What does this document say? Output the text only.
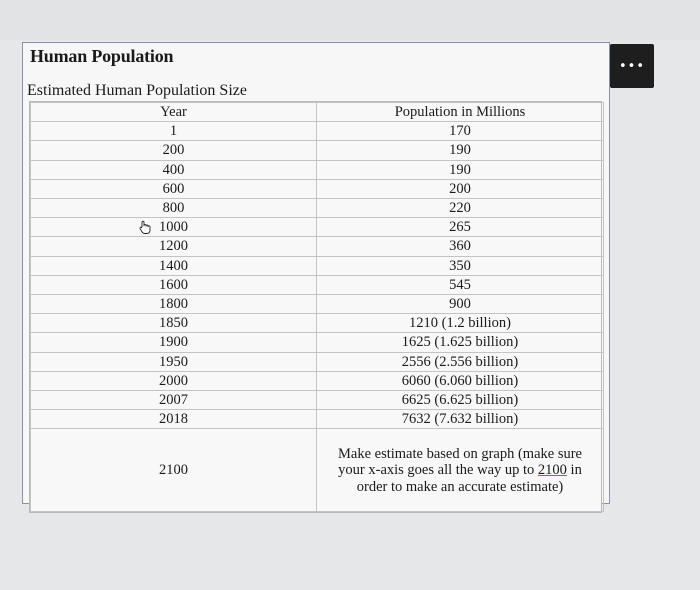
Human Population	•••
Estimated Human Population Size
Year	Population in Millions
1	170
200	190
400	190
600	200
800	220

1000	265
1200	360
1400	350
1600	545
1800	900
1850	1210 (1.2 billion)
1900	1625 (1.625 billion)
1950	2556 (2.556 billion)
2000	6060 (6.060 billion)
2007	6625 (6.625 billion)
2018	7632 (7.632 billion)
2100	Make estimate based on graph (make sure your x-axis goes all the way up to 2100 in order to make an accurate estimate)
